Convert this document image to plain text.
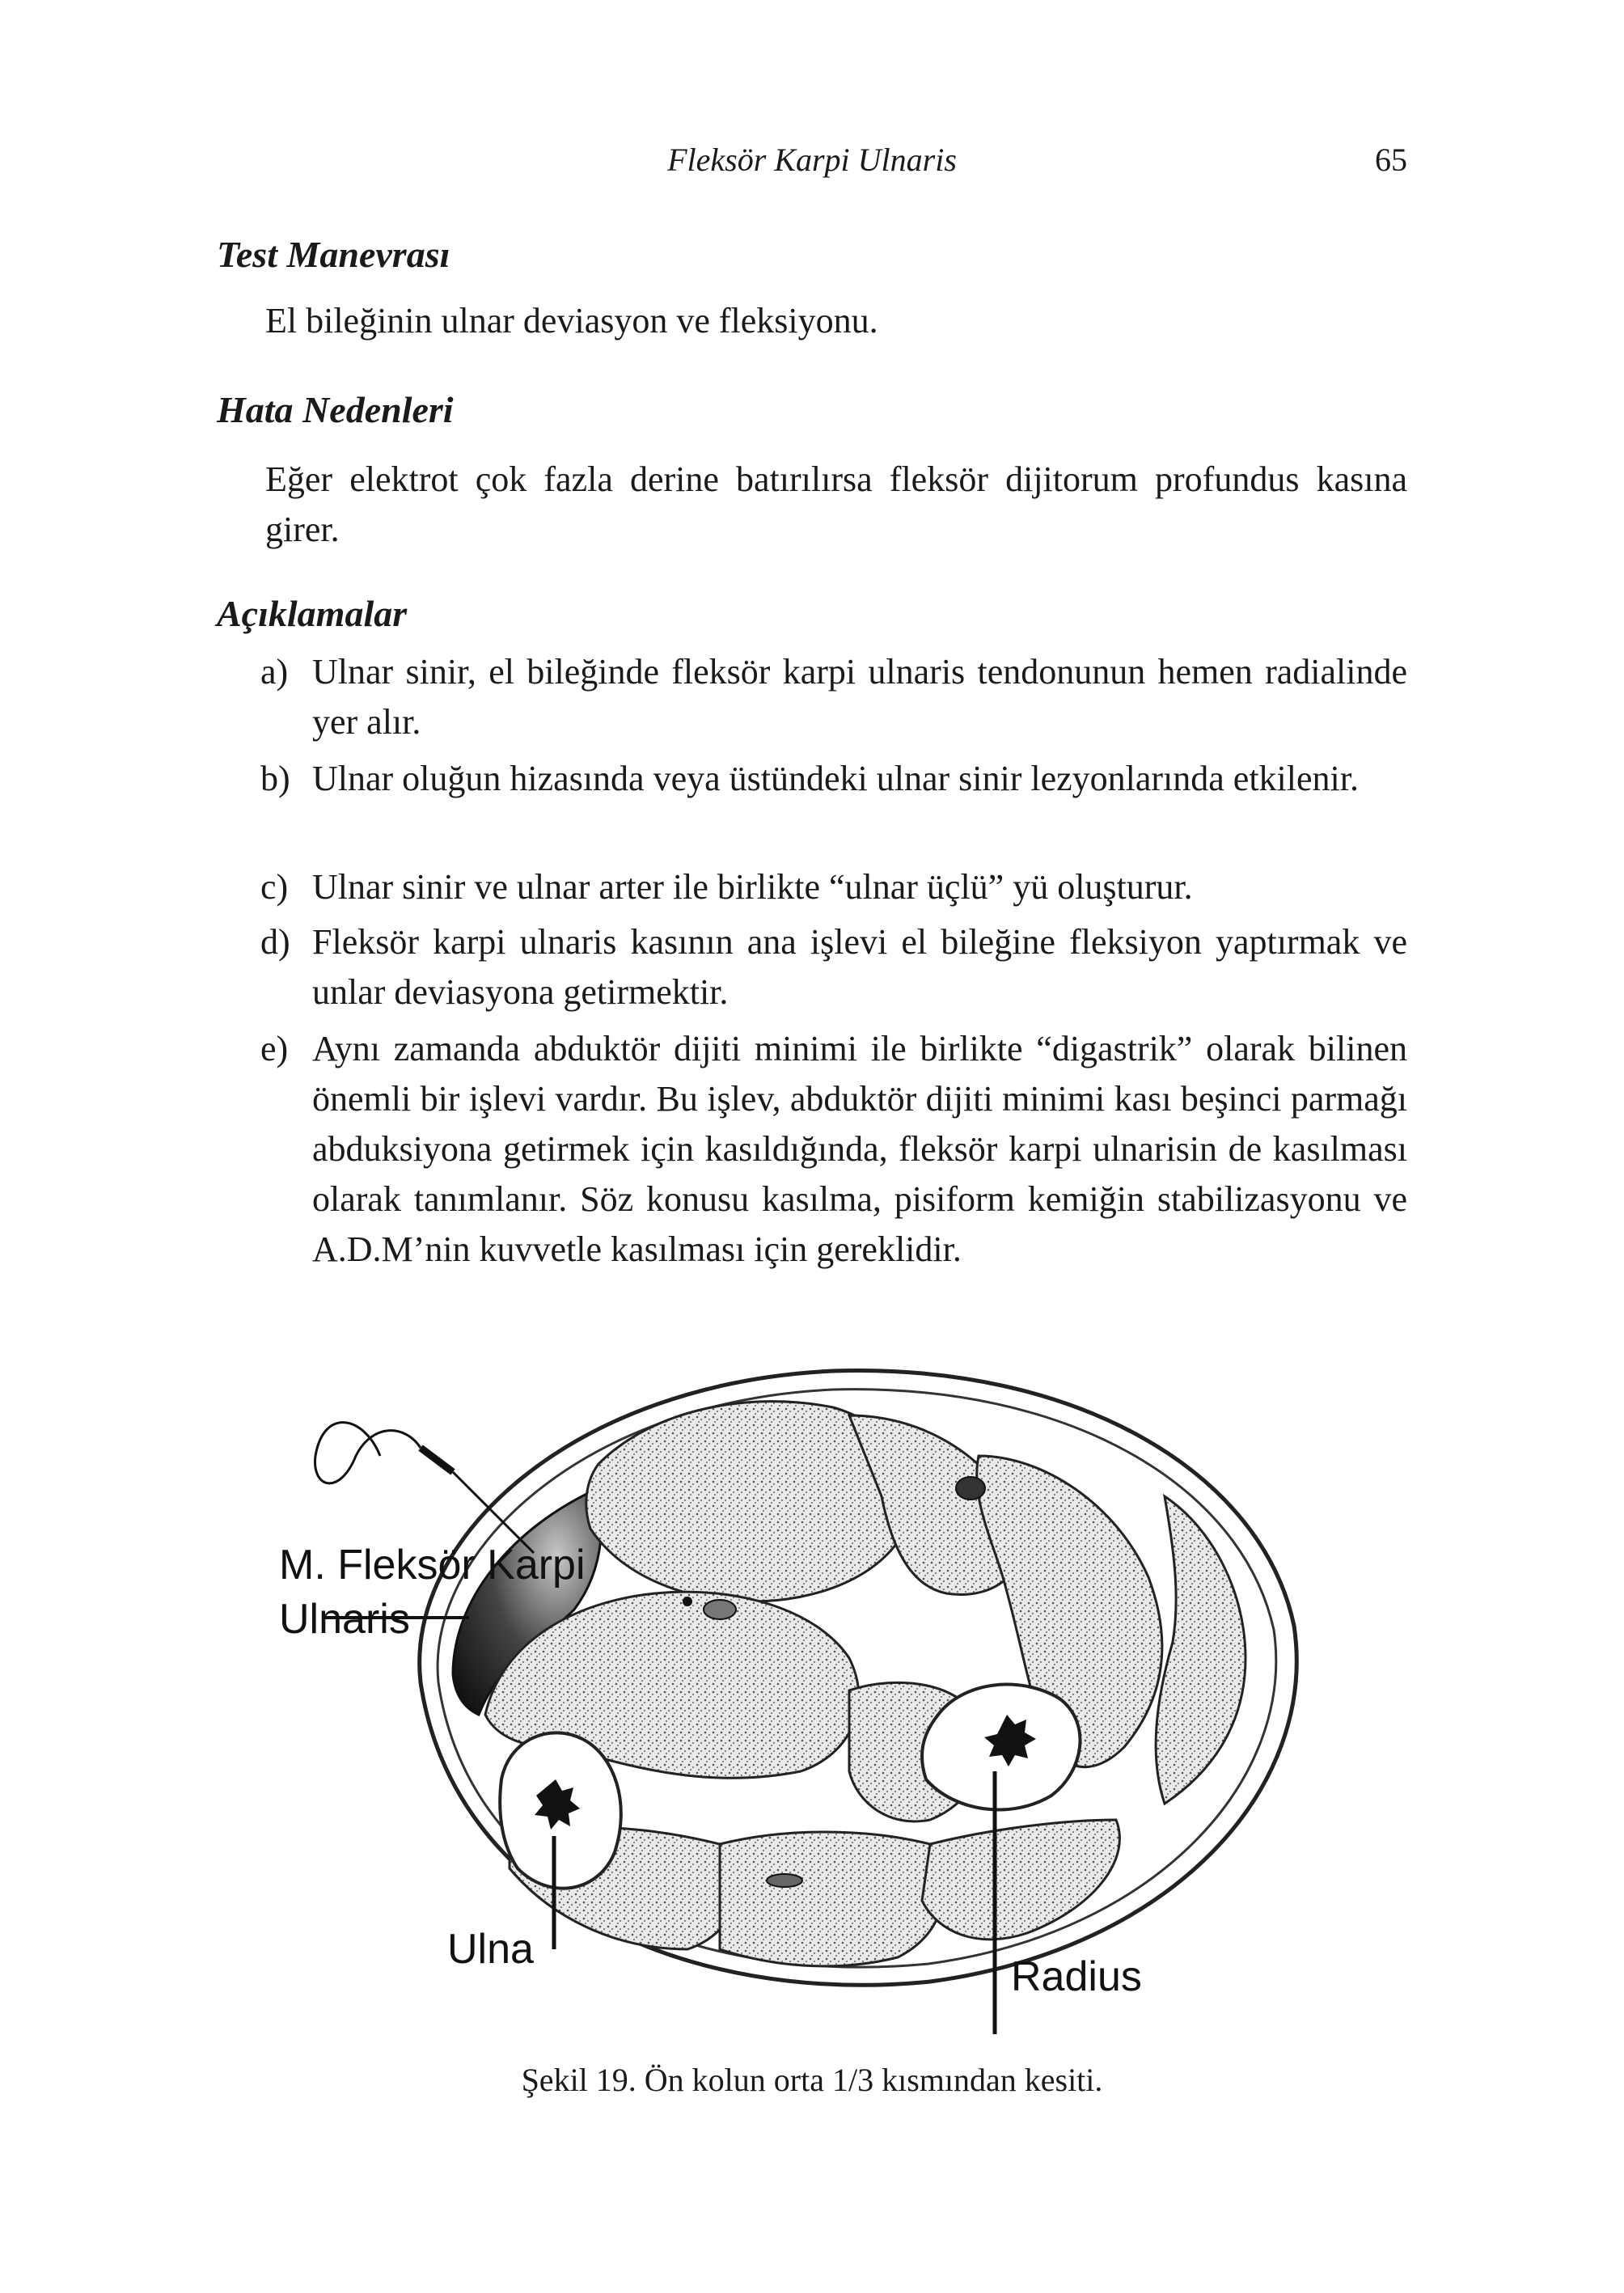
Fleksör Karpi Ulnaris	65
Test Manevrası
El bileğinin ulnar deviasyon ve fleksiyonu.
Hata Nedenleri
Eğer elektrot çok fazla derine batırılırsa fleksör dijitorum profundus kasına girer.
Açıklamalar
a) Ulnar sinir, el bileğinde fleksör karpi ulnaris tendonunun hemen radialinde yer alır.
b) Ulnar oluğun hizasında veya üstündeki ulnar sinir lezyonlarında etkilenir.
c) Ulnar sinir ve ulnar arter ile birlikte “ulnar üçlü” yü oluşturur.
d) Fleksör karpi ulnaris kasının ana işlevi el bileğine fleksiyon yaptırmak ve unlar deviasyona getirmektir.
e) Aynı zamanda abduktör dijiti minimi ile birlikte “digastrik” olarak bilinen önemli bir işlevi vardır. Bu işlev, abduktör dijiti minimi kası beşinci parmağı abduksiyona getirmek için kasıldığında, fleksör karpi ulnarisin de kasılması olarak tanımlanır. Söz konusu kasılma, pisiform kemiğin stabilizasyonu ve A.D.M’nin kuvvetle kasılması için gereklidir.
M. Fleksör Karpi
Ulnaris
Ulna
Radius
Şekil 19. Ön kolun orta 1/3 kısmından kesiti.
